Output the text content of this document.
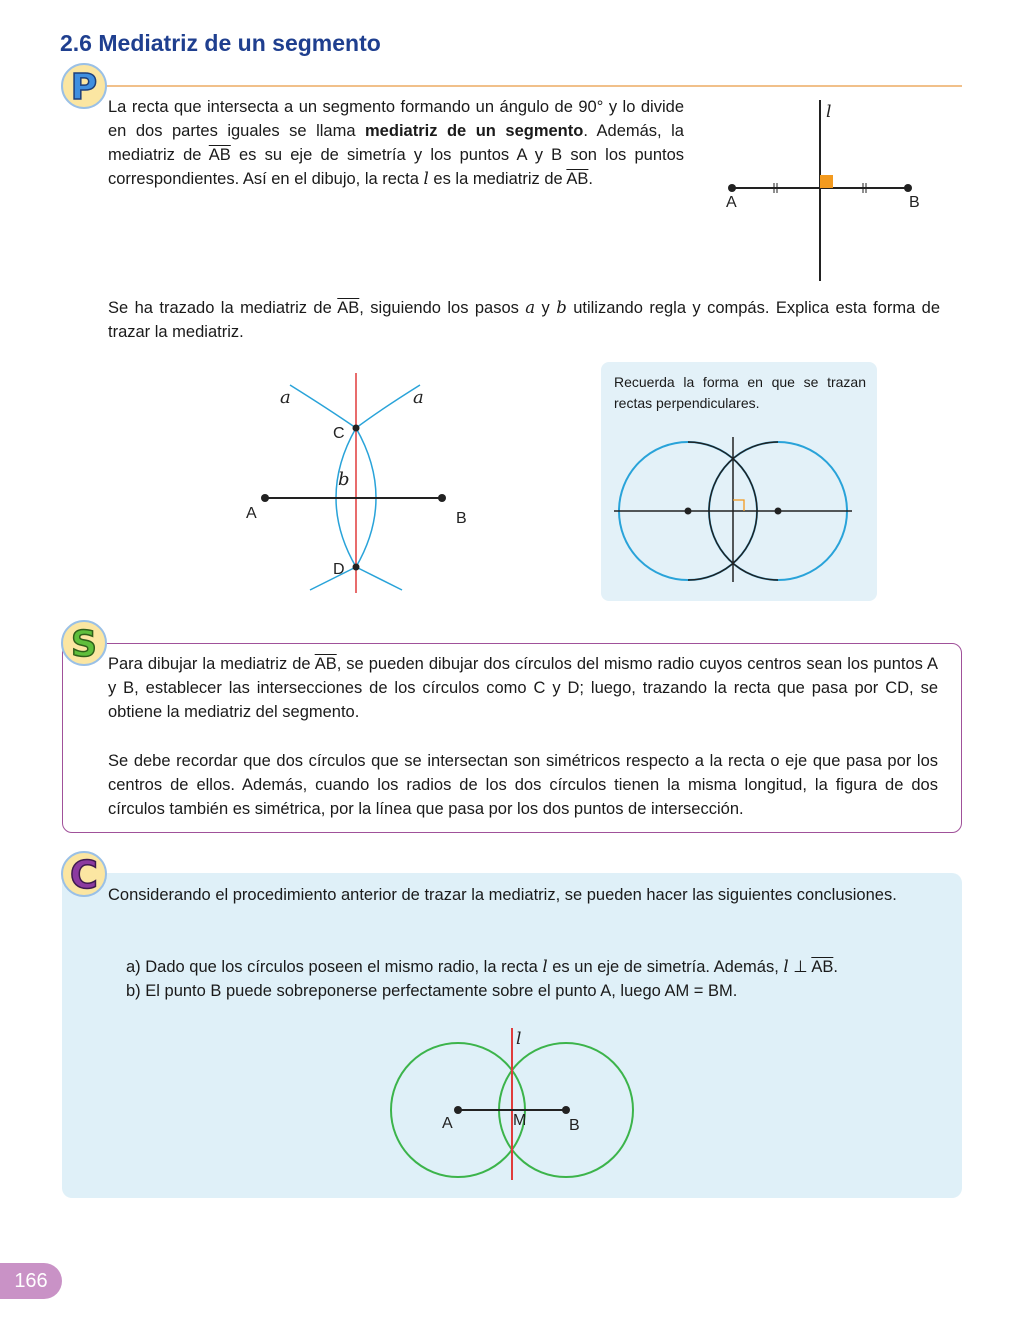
2.6 Mediatriz de un segmento
P La recta que intersecta a un segmento formando un ángulo de 90° y lo divide en dos partes iguales se llama mediatriz de un segmento. Además, la mediatriz de $\overline{AB}$ es su eje de simetría y los puntos A y B son los puntos correspondientes. Así en el dibujo, la recta l es la mediatriz de $\overline{AB}$.
l
A	B
Se ha trazado la mediatriz de $\overline{AB}$, siguiendo los pasos a y b utilizando regla y compás. Explica esta forma de trazar la mediatriz.
a	a
b
C
D
A	B
Recuerda la forma en que se trazan rectas perpendiculares.
S Para dibujar la mediatriz de $\overline{AB}$, se pueden dibujar dos círculos del mismo radio cuyos centros sean los puntos A y B, establecer las intersecciones de los círculos como C y D; luego, trazando la recta que pasa por CD, se obtiene la mediatriz del segmento.
Se debe recordar que dos círculos que se intersectan son simétricos respecto a la recta o eje que pasa por los centros de ellos. Además, cuando los radios de los dos círculos tienen la misma longitud, la figura de dos círculos también es simétrica, por la línea que pasa por los dos puntos de intersección.
C Considerando el procedimiento anterior de trazar la mediatriz, se pueden hacer las siguientes conclusiones.
a) Dado que los círculos poseen el mismo radio, la recta l es un eje de simetría. Además, l ⊥ $\overline{AB}$.
b) El punto B puede sobreponerse perfectamente sobre el punto A, luego AM = BM.
l
A	M	B
166
